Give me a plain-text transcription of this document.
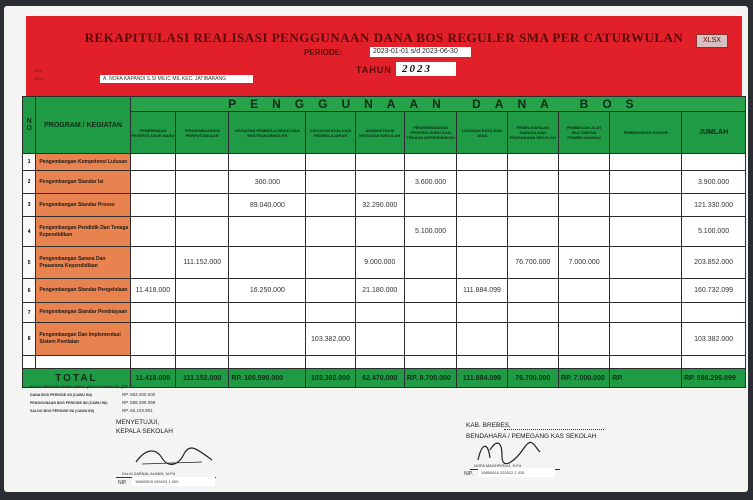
REKAPITULASI REALISASI PENGGUNAAN DANA BOS REGULER SMA PER CATURWULAN	XLSX
PERIODE:	2023-01-01 s/d 2023-06-30
TAHUN 2023
▪▪▪▪▪▪
▪▪▪▪▪▪▪	A. NOFA KAPANDI S.SI MILIC MIL KEC. JATIBARANG
N O	PROGRAM / KEGIATAN	PENGGUNAAN DANA BOS										
		PENERIMAAN PESERTA DIDIK BARU	PENGEMBANGAN PERPUSTAKAAN	KEGIATAN PEMBELAJARAN DAN EKSTRAKURIKULER	KEGIATAN EVALUASI PEMBELAJARAN	ADMINISTRASI KEGIATAN SEKOLAH	PENGEMBANGAN PROFESI GURU DAN TENAGA KEPENDIDIKAN	LAYANAN DAYA DAN JASA	PEMELIHARAAN SARANA DAN PRASARANA SEKOLAH	PEMBELIAN ALAT MULTIMEDIA PEMBELAJARAN	PEMBAYARAN HONOR	JUMLAH
1	Pengembangan Kompetensi Lulusan											
2	Pengembangan Standar Isi			300.000			3.600.000					3.900.000
3	Pengembangan Standar Proses			89.040.000		32.290.000						121.330.000
4	Pengembangan Pendidik Dan Tenaga Kependidikan						5.100.000					5.100.000
5	Pengembangan Sarana Dan Prasarana Kependidikan		111.152.000			9.000.000			76.700.000	7.000.000		203.852.000
6	Pengembangan Standar Pengelolaan	11.418.000		16.250.000		21.180.000		111.884.099				160.732.099
7	Pengembangan Standar Pembiayaan											
8	Pengembangan Dan Implementasi Sistem Penilaian				103.382.000							103.382.000

TOTAL		11.418.000	111.152.000	RP. 105.590.000	103.382.000	62.470.000	RP. 8.700.000	111.884.099	76.700.000	RP. 7.000.000	RP.	RP. 598.296.099
SALDO PERIODE SEBELUMNYA (SALDO TAHUN 20...) RP. 0
DANA BOS PERIODE INI (CAWU INI)	RP. 663.400.000
PENGGUNAAN BOS PERIODE INI (CAWU INI)	RP. 598.296.099
SALDO BOS PERIODE INI (CAWU INI)	RP. 65.103.901
MENYETUJUI,
KEPALA SEKOLAH
Drs.M.ZAENAL ALIMIN, M.Pd
NIP.	19650509 199203 1 009
KAB. BREBES,
BENDAHARA / PEMEGANG KAS SEKOLAH
NOFA MAGHFIROH, S.Pd
NIP.	19850916 202012 2 015
